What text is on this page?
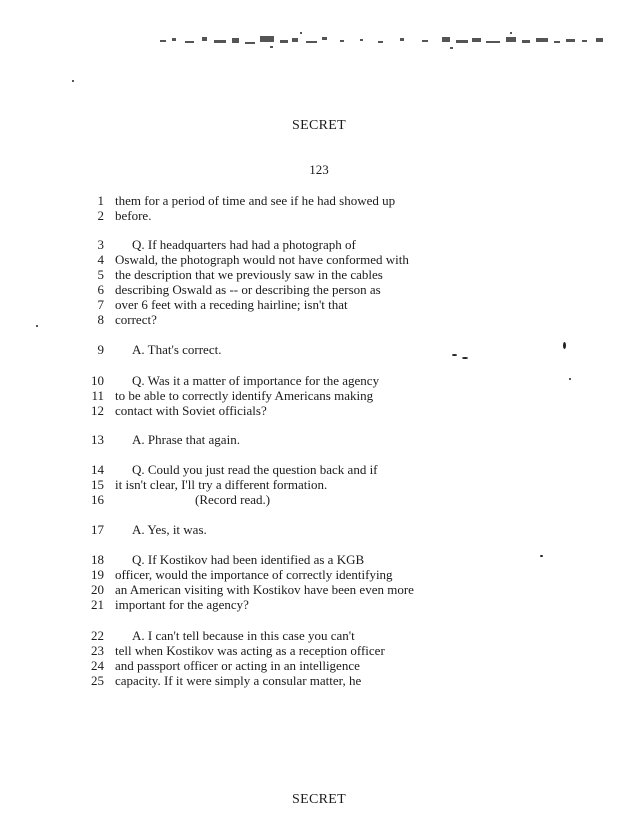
SECRET
123
1 them for a period of time and see if he had showed up
2 before.
3 Q. If headquarters had had a photograph of
4 Oswald, the photograph would not have conformed with
5 the description that we previously saw in the cables
6 describing Oswald as -- or describing the person as
7 over 6 feet with a receding hairline; isn't that
8 correct?
9 A. That's correct.
10 Q. Was it a matter of importance for the agency
11 to be able to correctly identify Americans making
12 contact with Soviet officials?
13 A. Phrase that again.
14 Q. Could you just read the question back and if
15 it isn't clear, I'll try a different formation.
16	(Record read.)
17 A. Yes, it was.
18 Q. If Kostikov had been identified as a KGB
19 officer, would the importance of correctly identifying
20 an American visiting with Kostikov have been even more
21 important for the agency?
22 A. I can't tell because in this case you can't
23 tell when Kostikov was acting as a reception officer
24 and passport officer or acting in an intelligence
25 capacity. If it were simply a consular matter, he
SECRET
